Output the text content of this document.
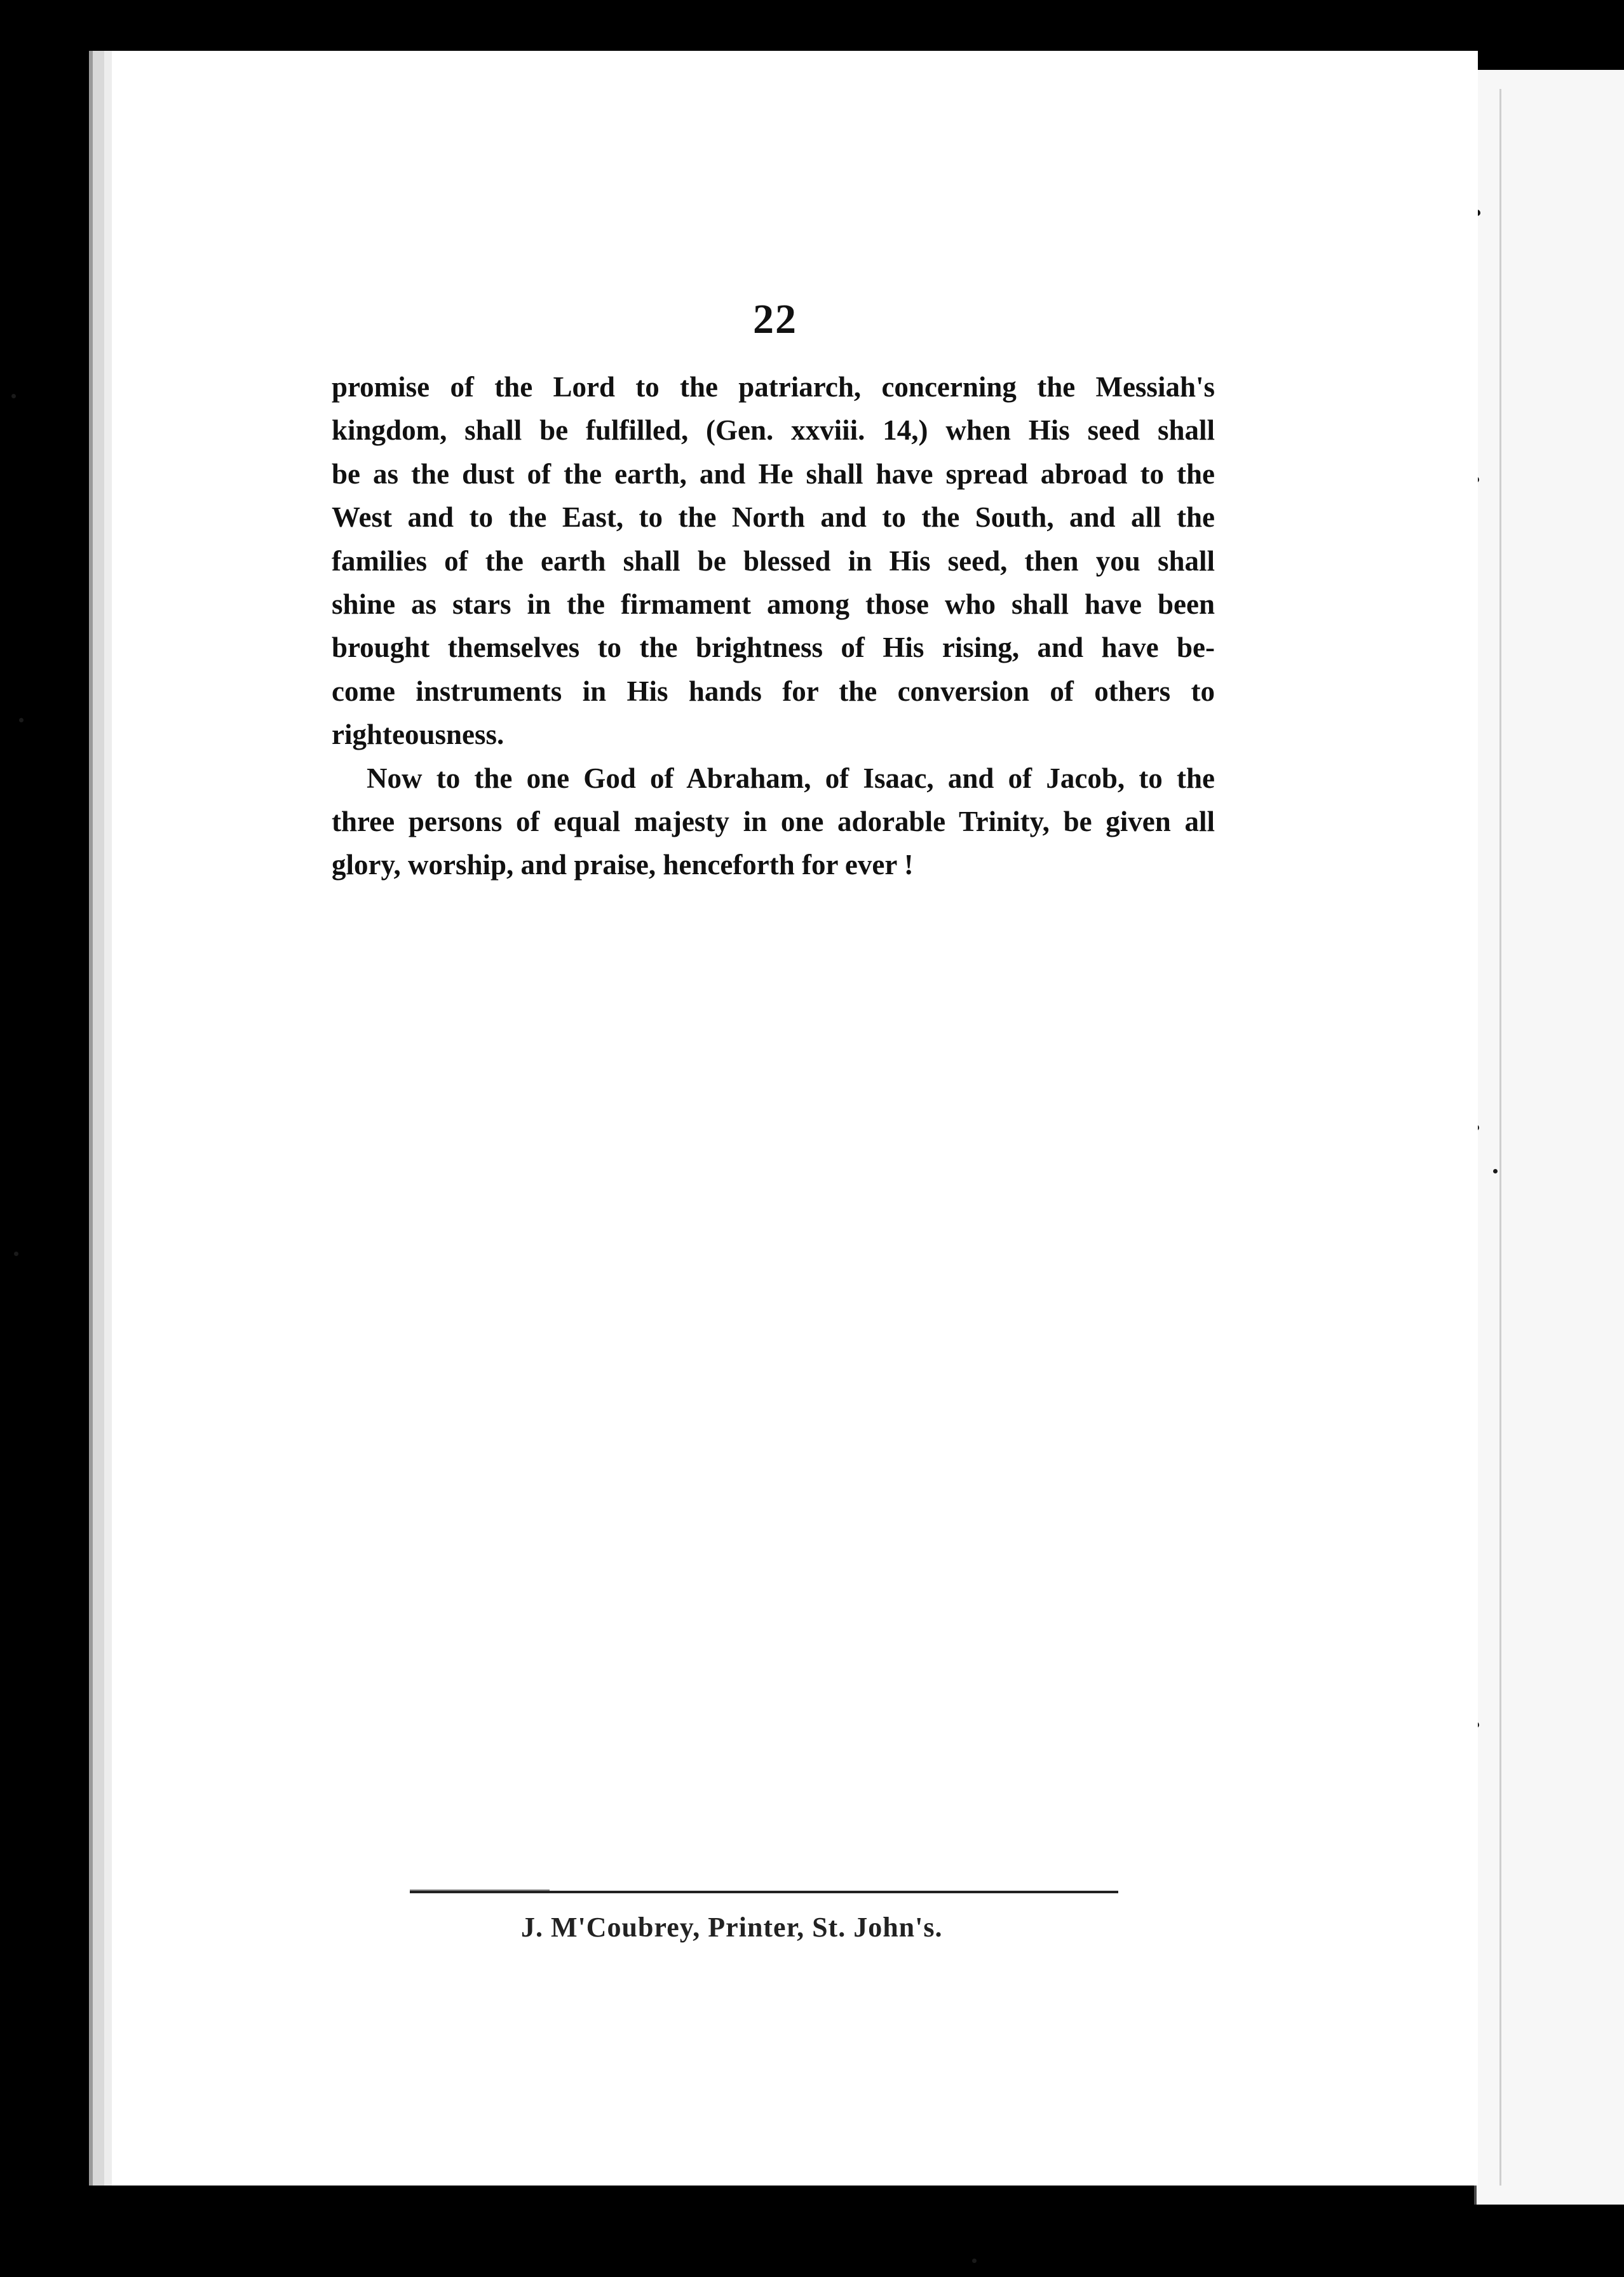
22
promise of the Lord to the patriarch, concerning the Messiah's
kingdom, shall be fulfilled, (Gen. xxviii. 14,) when His seed shall
be as the dust of the earth, and He shall have spread abroad to the
West and to the East, to the North and to the South, and all the
families of the earth shall be blessed in His seed, then you shall
shine as stars in the firmament among those who shall have been
brought themselves to the brightness of His rising, and have be-
come instruments in His hands for the conversion of others to
righteousness.
Now to the one God of Abraham, of Isaac, and of Jacob, to the
three persons of equal majesty in one adorable Trinity, be given all
glory, worship, and praise, henceforth for ever !
J. M'Coubrey, Printer, St. John's.
